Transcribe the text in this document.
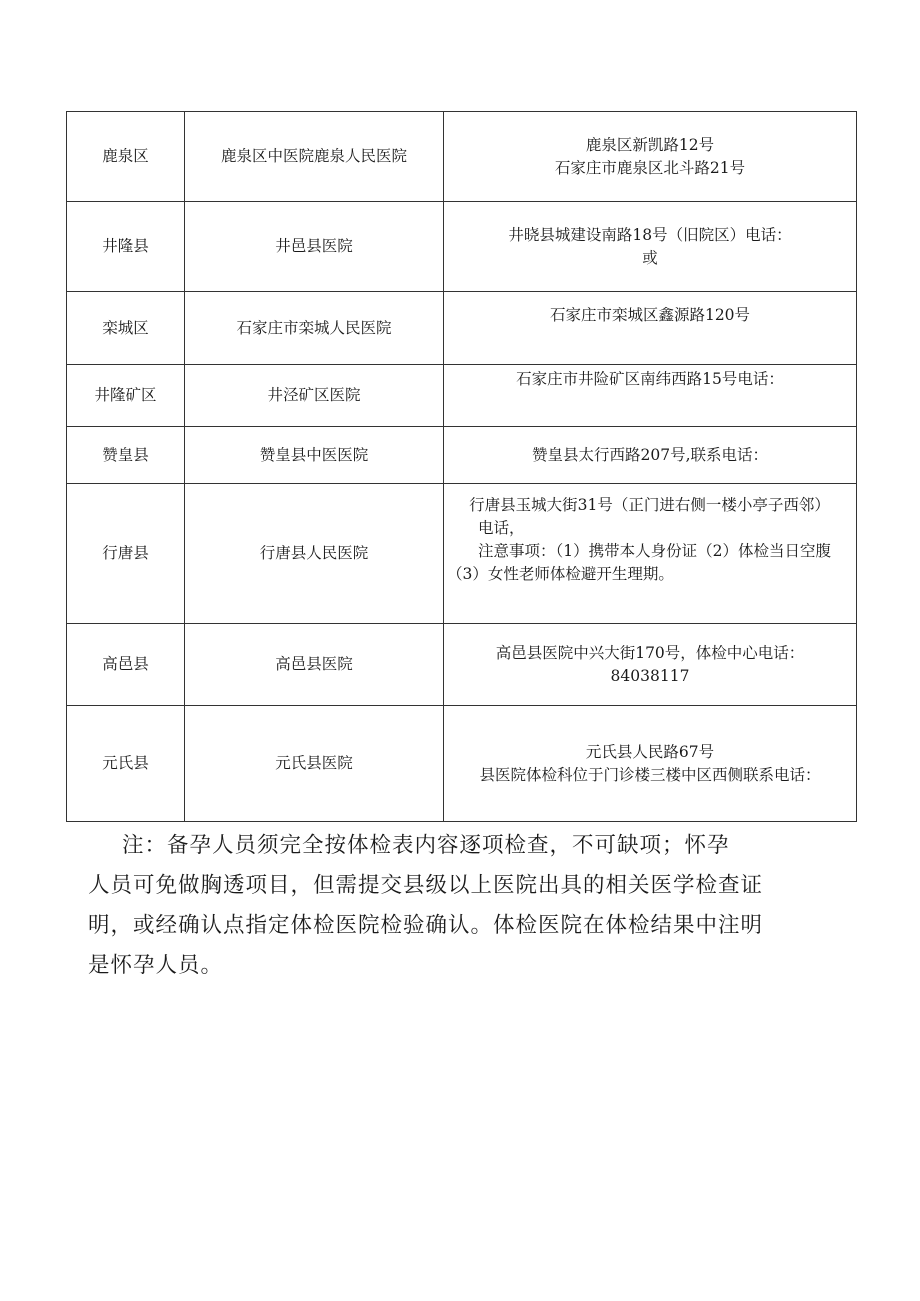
鹿泉区	鹿泉区中医院鹿泉人民医院	鹿泉区新凯路12号
石家庄市鹿泉区北斗路21号

井隆县	井邑县医院	井晓县城建设南路18号（旧院区）电话：
或

栾城区	石家庄市栾城人民医院	石家庄市栾城区鑫源路120号

井隆矿区	井泾矿区医院	石家庄市井险矿区南纬西路15号电话：

赞皇县	赞皇县中医医院	赞皇县太行西路207号,联系电话：

行唐县	行唐县人民医院	行唐县玉城大街31号（正门进右侧一楼小亭子西邻）
电话，
注意事项：（1）携带本人身份证（2）体检当日空腹（3）女性老师体检避开生理期。

高邑县	高邑县医院	高邑县医院中兴大街170号，体检中心电话：
84038117

元氏县	元氏县医院	元氏县人民路67号
县医院体检科位于门诊楼三楼中区西侧联系电话：
注：备孕人员须完全按体检表内容逐项检查，不可缺项；怀孕
人员可免做胸透项目，但需提交县级以上医院出具的相关医学检查证
明，或经确认点指定体检医院检验确认。体检医院在体检结果中注明
是怀孕人员。
